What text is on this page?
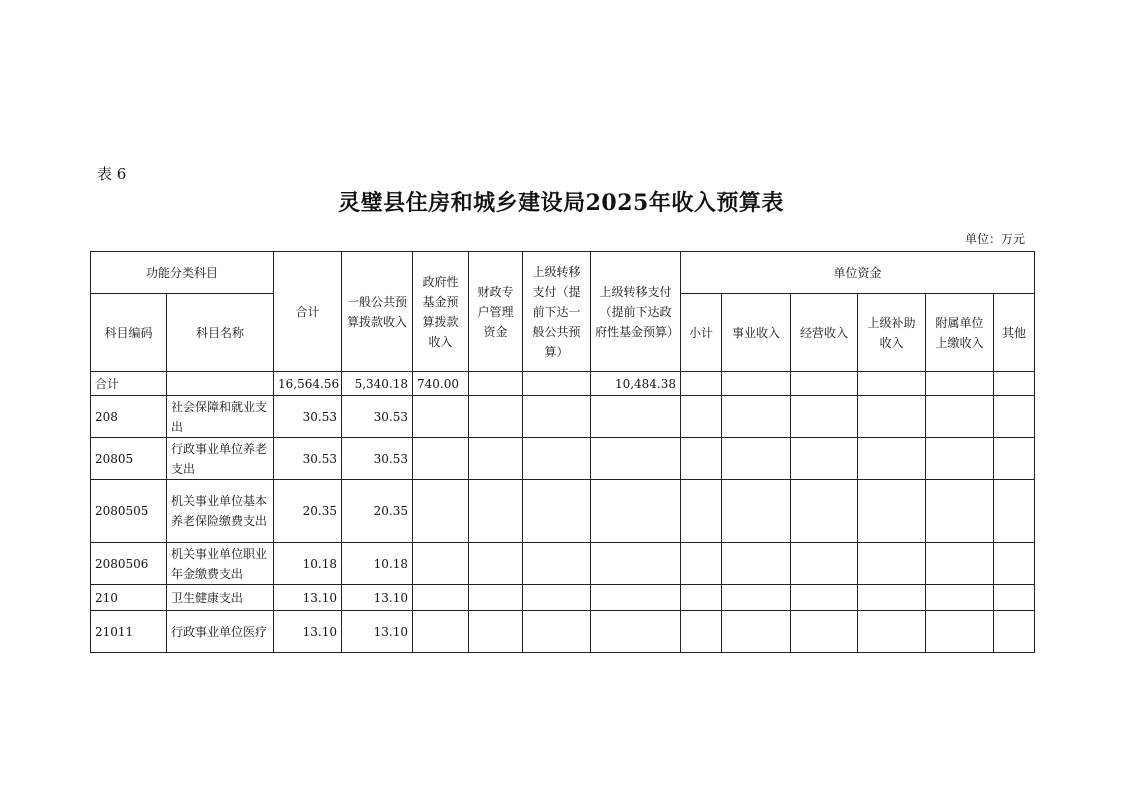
表 6
灵璧县住房和城乡建设局2025年收入预算表
单位：万元
功能分类科目		合计	一般公共预算拨款收入	政府性基金预算拨款收入	财政专户管理资金	上级转移支付（提前下达一般公共预算）	上级转移支付（提前下达政府性基金预算）	单位资金					
科目编码	科目名称							小计	事业收入	经营收入	上级补助收入	附属单位上缴收入	其他
合计		16,564.56	5,340.18	740.00			10,484.38						
208	社会保障和就业支出	30.53	30.53										
20805	行政事业单位养老支出	30.53	30.53										
2080505	机关事业单位基本养老保险缴费支出	20.35	20.35										
2080506	机关事业单位职业年金缴费支出	10.18	10.18										
210	卫生健康支出	13.10	13.10										
21011	行政事业单位医疗	13.10	13.10										
